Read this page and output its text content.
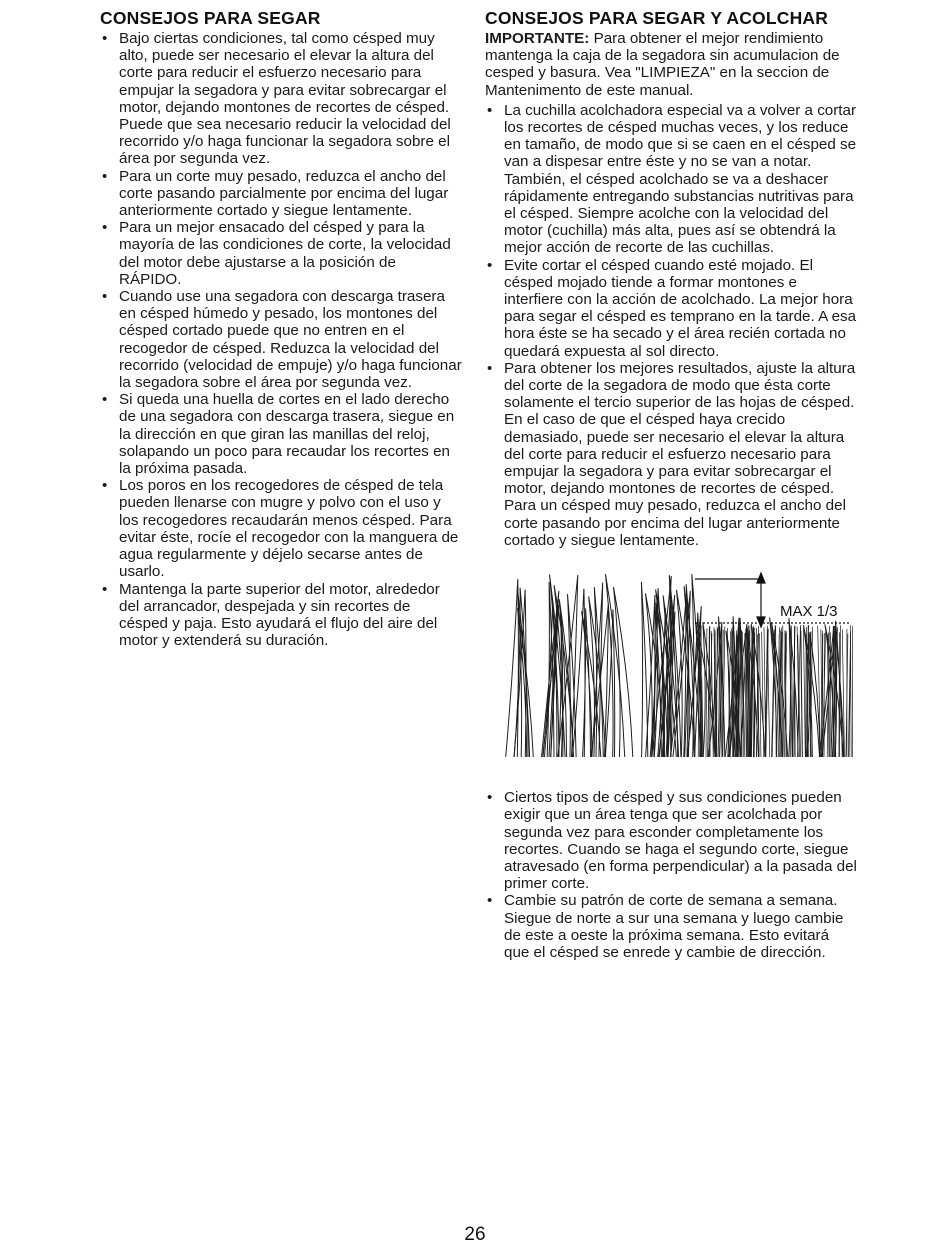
CONSEJOS PARA SEGAR
• Bajo ciertas condiciones, tal como césped muy alto, puede ser necesario el elevar la altura del corte para reducir el esfuerzo necesario para empujar la segadora y para evitar sobrecargar el motor, dejando montones de recortes de césped. Puede que sea necesario reducir la velocidad del recorrido y/o haga funcionar la segadora sobre el área por segunda vez.
• Para un corte muy pesado, reduzca el ancho del corte pasando parcialmente por encima del lugar anteriormente cortado y siegue lentamente.
• Para un mejor ensacado del césped y para la mayoría de las condiciones de corte, la velocidad del motor debe ajustarse a la posición de RÁPIDO.
• Cuando use una segadora con descarga trasera en césped húmedo y pesado, los montones del césped cortado puede que no entren en el recogedor de césped. Reduzca la velocidad del recorrido (velocidad de empuje) y/o haga funcionar la segadora sobre el área por segunda vez.
• Si queda una huella de cortes en el lado derecho de una segadora con descarga trasera, siegue en la dirección en que giran las manillas del reloj, solapando un poco para recaudar los recortes en la próxima pasada.
• Los poros en los recogedores de césped de tela pueden llenarse con mugre y polvo con el uso y los recogedores recaudarán menos césped. Para evitar éste, rocíe el recogedor con la manguera de agua regularmente y déjelo secarse antes de usarlo.
• Mantenga la parte superior del motor, alrededor del arrancador, despejada y sin recortes de césped y paja. Esto ayudará el flujo del aire del motor y extenderá su duración.
CONSEJOS PARA SEGAR Y ACOLCHAR

IMPORTANTE: Para obtener el mejor rendimiento mantenga la caja de la segadora sin acumulacion de cesped y basura. Vea "LIMPIEZA" en la seccion de Mantenimento de este manual.

• La cuchilla acolchadora especial va a volver a cortar los recortes de césped muchas veces, y los reduce en tamaño, de modo que si se caen en el césped se van a dispesar entre éste y no se van a notar. También, el césped acolchado se va a deshacer rápidamente entregando substancias nutritivas para el césped. Siempre acolche con la velocidad del motor (cuchilla) más alta, pues así se obtendrá la mejor acción de recorte de las cuchillas.
• Evite cortar el césped cuando esté mojado. El césped mojado tiende a formar montones e interfiere con la acción de acolchado. La mejor hora para segar el césped es temprano en la tarde. A esa hora éste se ha secado y el área recién cortada no quedará expuesta al sol directo.
• Para obtener los mejores resultados, ajuste la altura del corte de la segadora de modo que ésta corte solamente el tercio superior de las hojas de césped. En el caso de que el césped haya crecido demasiado, puede ser necesario el elevar la altura del corte para reducir el esfuerzo necesario para empujar la segadora y para evitar sobrecargar el motor, dejando montones de recortes de césped. Para un césped muy pesado, reduzca el ancho del corte pasando por encima del lugar anteriormente cortado y siegue lentamente.
MAX 1/3
• Ciertos tipos de césped y sus condiciones pueden exigir que un área tenga que ser acolchada por segunda vez para esconder completamente los recortes. Cuando se haga el segundo corte, siegue atravesado (en forma perpendicular) a la pasada del primer corte.
• Cambie su patrón de corte de semana a semana. Siegue de norte a sur una semana y luego cambie de este a oeste la próxima semana. Esto evitará que el césped se enrede y cambie de dirección.
26
